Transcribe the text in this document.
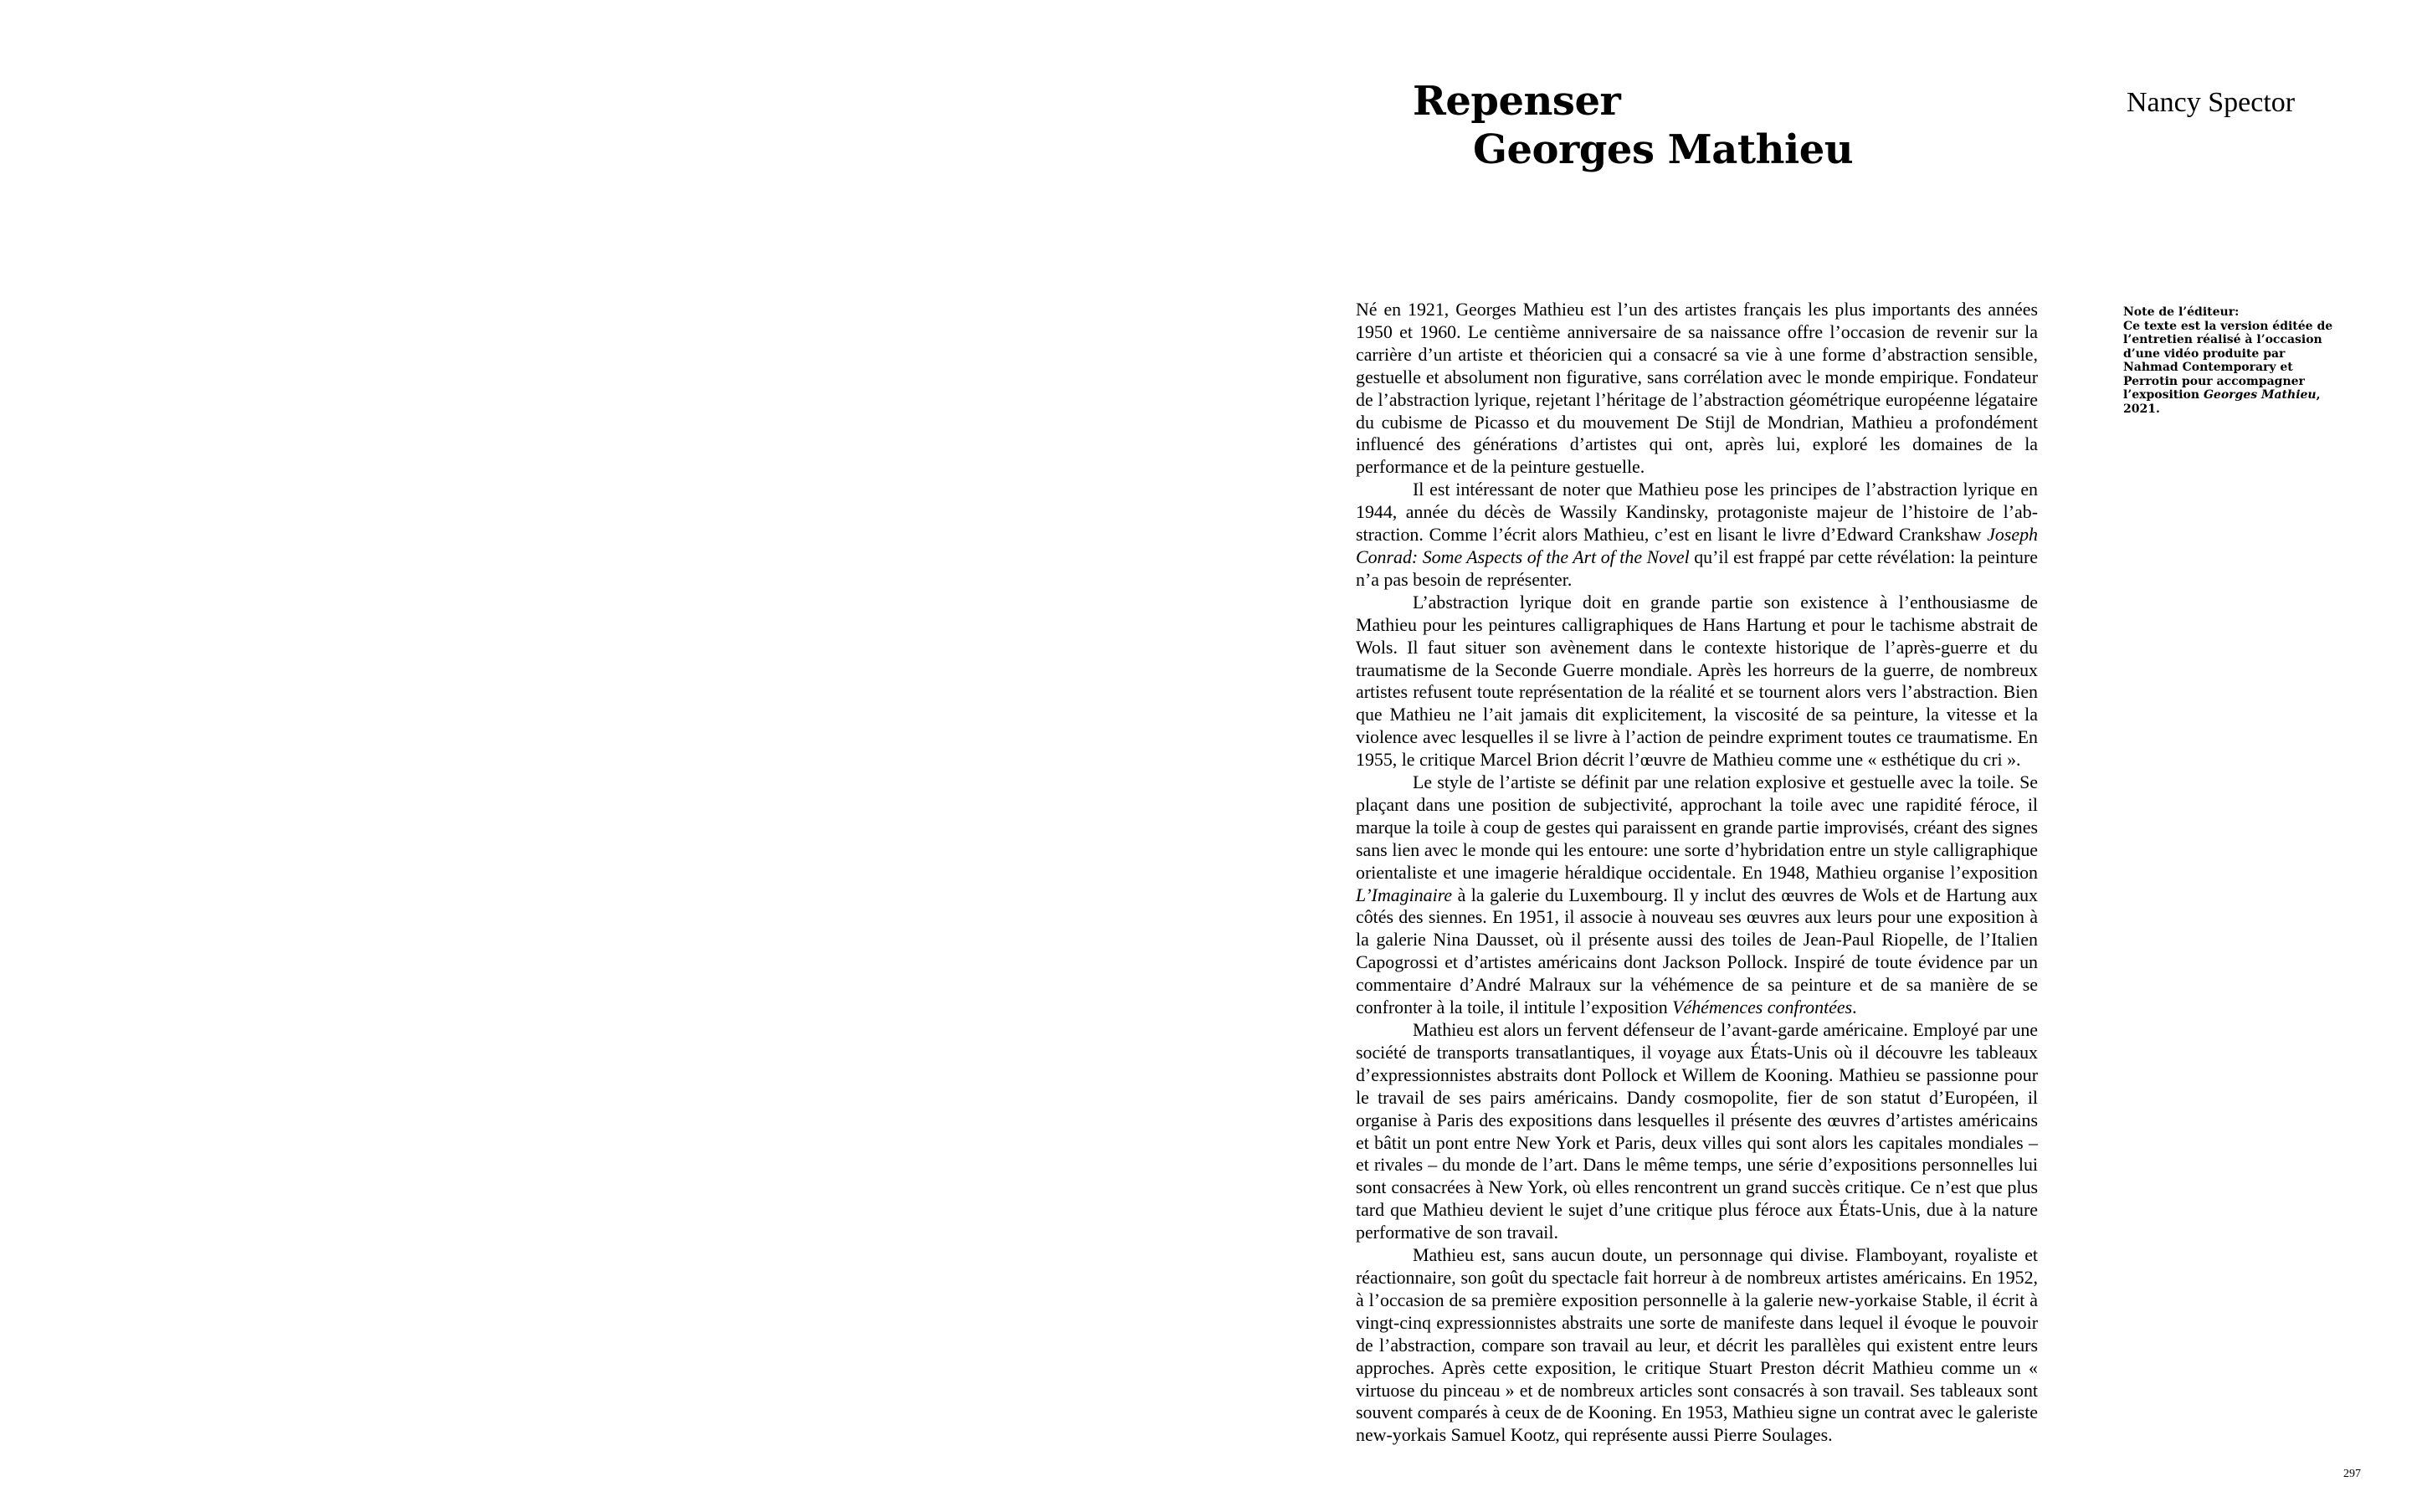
Repenser
Georges Mathieu
Nancy Spector
Note de l’éditeur:
Ce texte est la version éditée de l’entretien réalisé à l’occasion d’une vidéo produite par Nahmad Contemporary et Perrotin pour accompagner l’exposition Georges Mathieu, 2021.

Né en 1921, Georges Mathieu est l’un des artistes français les plus importants des années 1950 et 1960. Le centième anniversaire de sa naissance offre l’occasion de revenir sur la carrière d’un artiste et théoricien qui a consacré sa vie à une forme d’abstraction sensible, gestuelle et absolument non figurative, sans corrélation avec le monde empirique. Fondateur de l’abstraction lyrique, rejetant l’héritage de l’abstraction géométrique européenne légataire du cubisme de Picasso et du mouvement De Stijl de Mondrian, Mathieu a profondément influencé des générations d’artistes qui ont, après lui, exploré les domaines de la performance et de la peinture gestuelle.

Il est intéressant de noter que Mathieu pose les principes de l’abstraction lyrique en 1944, année du décès de Wassily Kandinsky, protagoniste majeur de l’histoire de l’abstraction. Comme l’écrit alors Mathieu, c’est en lisant le livre d’Edward Crankshaw Joseph Conrad: Some Aspects of the Art of the Novel qu’il est frappé par cette révélation: la peinture n’a pas besoin de représenter.

L’abstraction lyrique doit en grande partie son existence à l’enthousiasme de Mathieu pour les peintures calligraphiques de Hans Hartung et pour le tachisme abstrait de Wols. Il faut situer son avènement dans le contexte historique de l’après-guerre et du traumatisme de la Seconde Guerre mondiale. Après les horreurs de la guerre, de nombreux artistes refusent toute représentation de la réalité et se tournent alors vers l’abstraction. Bien que Mathieu ne l’ait jamais dit explicitement, la viscosité de sa peinture, la vitesse et la violence avec lesquelles il se livre à l’action de peindre expriment toutes ce traumatisme. En 1955, le critique Marcel Brion décrit l’œuvre de Mathieu comme une « esthétique du cri ».

Le style de l’artiste se définit par une relation explosive et gestuelle avec la toile. Se plaçant dans une position de subjectivité, approchant la toile avec une rapidité féroce, il marque la toile à coup de gestes qui paraissent en grande partie improvisés, créant des signes sans lien avec le monde qui les entoure: une sorte d’hybridation entre un style calligraphique orientaliste et une imagerie héraldique occidentale. En 1948, Mathieu organise l’exposition L’Imaginaire à la galerie du Luxembourg. Il y inclut des œuvres de Wols et de Hartung aux côtés des siennes. En 1951, il associe à nouveau ses œuvres aux leurs pour une exposition à la galerie Nina Dausset, où il présente aussi des toiles de Jean-Paul Riopelle, de l’Italien Capogrossi et d’artistes américains dont Jackson Pollock. Inspiré de toute évidence par un commentaire d’André Malraux sur la véhémence de sa peinture et de sa manière de se confronter à la toile, il intitule l’exposition Véhémences confrontées.

Mathieu est alors un fervent défenseur de l’avant-garde américaine. Employé par une société de transports transatlantiques, il voyage aux États-Unis où il découvre les tableaux d’expressionnistes abstraits dont Pollock et Willem de Kooning. Mathieu se passionne pour le travail de ses pairs américains. Dandy cosmopolite, fier de son statut d’Européen, il organise à Paris des expositions dans lesquelles il présente des œuvres d’artistes américains et bâtit un pont entre New York et Paris, deux villes qui sont alors les capitales mondiales – et rivales – du monde de l’art. Dans le même temps, une série d’expositions personnelles lui sont consacrées à New York, où elles rencontrent un grand succès critique. Ce n’est que plus tard que Mathieu devient le sujet d’une critique plus féroce aux États-Unis, due à la nature performative de son travail.

Mathieu est, sans aucun doute, un personnage qui divise. Flamboyant, royaliste et réactionnaire, son goût du spectacle fait horreur à de nombreux artistes américains. En 1952, à l’occasion de sa première exposition personnelle à la galerie new-yorkaise Stable, il écrit à vingt-cinq expressionnistes abstraits une sorte de manifeste dans lequel il évoque le pouvoir de l’abstraction, compare son travail au leur, et décrit les parallèles qui existent entre leurs approches. Après cette exposition, le critique Stuart Preston décrit Mathieu comme un « virtuose du pinceau » et de nombreux articles sont consacrés à son travail. Ses tableaux sont souvent comparés à ceux de de Kooning. En 1953, Mathieu signe un contrat avec le galeriste new-yorkais Samuel Kootz, qui représente aussi Pierre Soulages.

297
